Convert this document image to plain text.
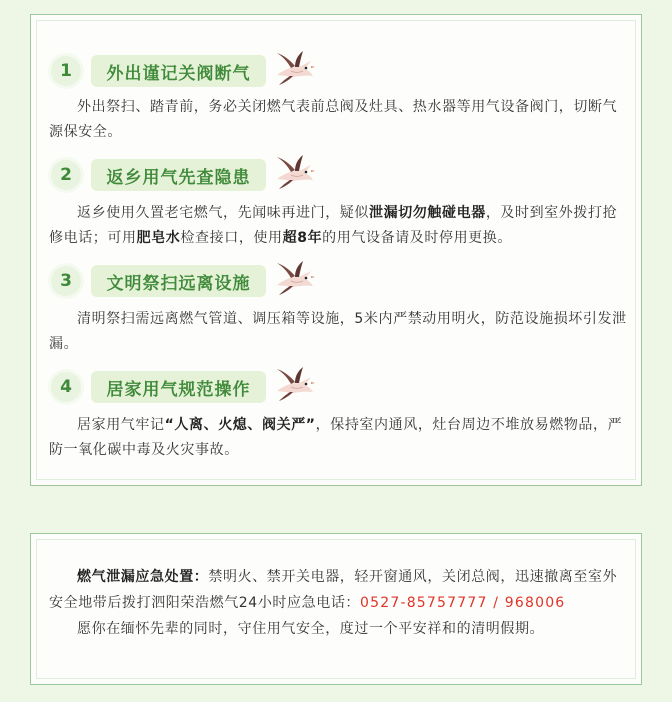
1	外出谨记关阀断气
外出祭扫、踏青前，务必关闭燃气表前总阀及灶具、热水器等用气设备阀门，切断气源保安全。
2	返乡用气先查隐患
返乡使用久置老宅燃气，先闻味再进门，疑似泄漏切勿触碰电器，及时到室外拨打抢修电话；可用肥皂水检查接口，使用超8年的用气设备请及时停用更换。
3	文明祭扫远离设施
清明祭扫需远离燃气管道、调压箱等设施，5米内严禁动用明火，防范设施损坏引发泄漏。
4	居家用气规范操作
居家用气牢记“人离、火熄、阀关严”，保持室内通风，灶台周边不堆放易燃物品，严防一氧化碳中毒及火灾事故。

燃气泄漏应急处置：禁明火、禁开关电器，轻开窗通风，关闭总阀，迅速撤离至室外安全地带后拨打泗阳荣浩燃气24小时应急电话：0527-85757777 / 968006

愿你在缅怀先辈的同时，守住用气安全，度过一个平安祥和的清明假期。
